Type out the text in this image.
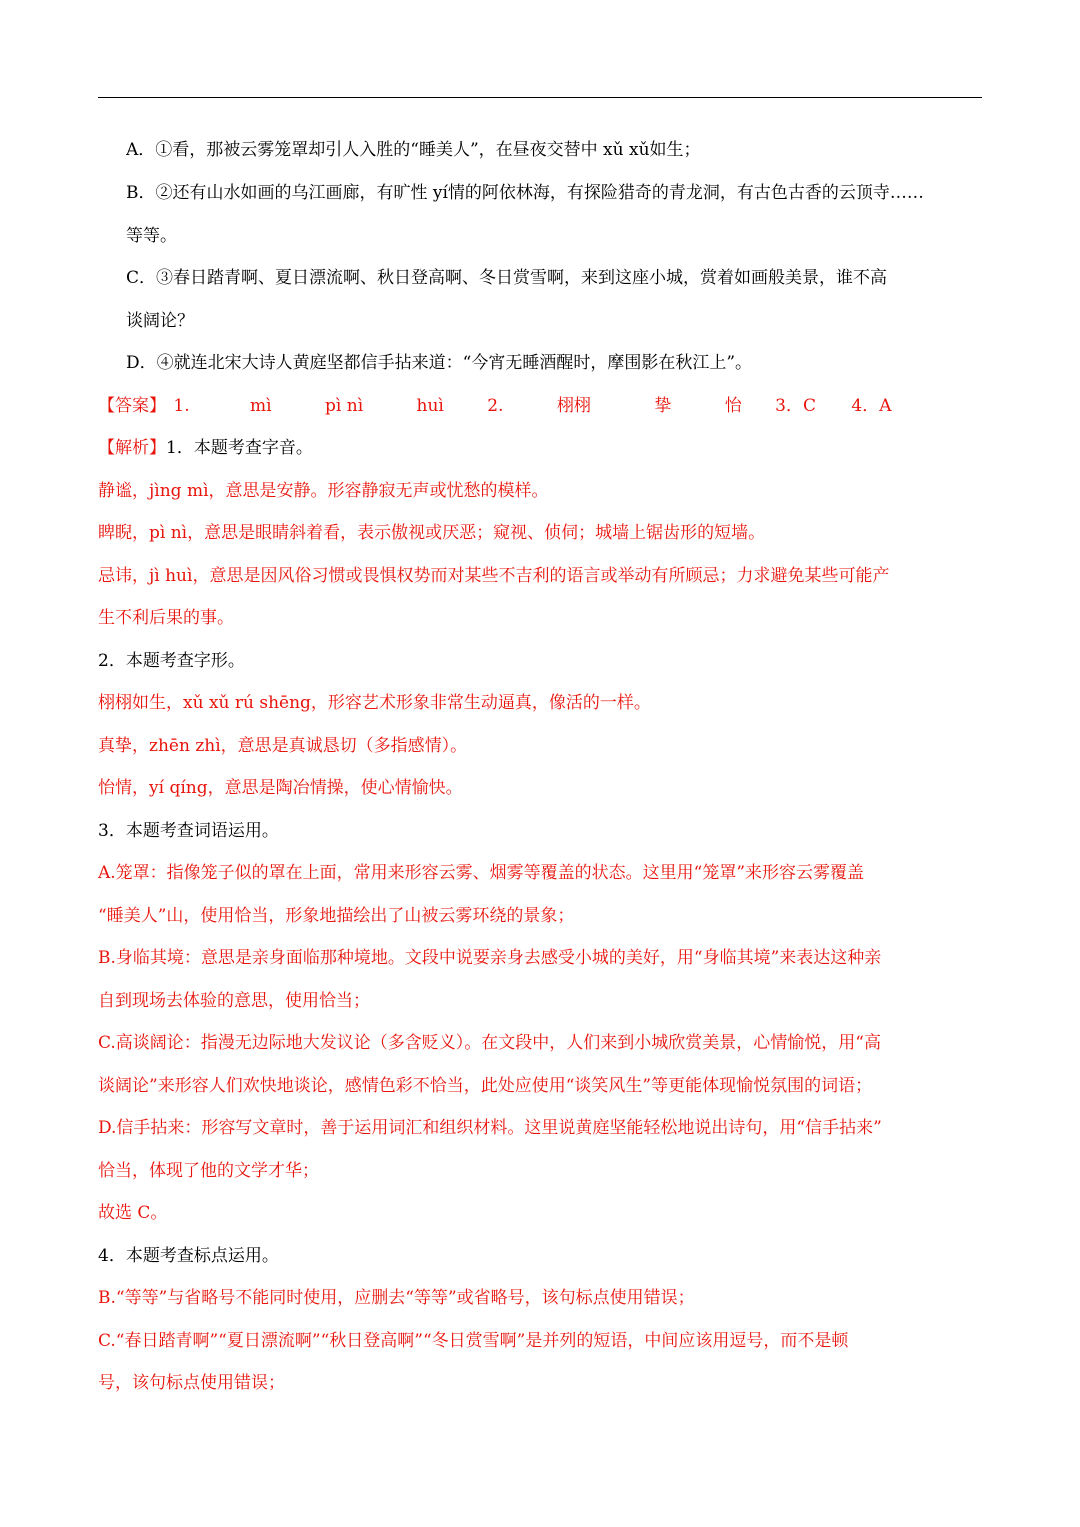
A．①看，那被云雾笼罩却引人入胜的“睡美人”，在昼夜交替中 xǔ xǔ如生；
B．②还有山水如画的乌江画廊，有旷性 yí情的阿依林海，有探险猎奇的青龙洞，有古色古香的云顶寺……
等等。
C．③春日踏青啊、夏日漂流啊、秋日登高啊、冬日赏雪啊，来到这座小城，赏着如画般美景，谁不高
谈阔论？
D．④就连北宋大诗人黄庭坚都信手拈来道：“今宵无睡酒醒时，摩围影在秋江上”。
【答案】 1.	mì	pì nì	huì	2.	栩栩	挚	怡 3．C 4．A
【解析】1．本题考查字音。
静谧，jìng mì，意思是安静。形容静寂无声或忧愁的模样。
睥睨，pì nì，意思是眼睛斜着看，表示傲视或厌恶；窥视、侦伺；城墙上锯齿形的短墙。
忌讳，jì huì，意思是因风俗习惯或畏惧权势而对某些不吉利的语言或举动有所顾忌；力求避免某些可能产
生不利后果的事。
2．本题考查字形。
栩栩如生，xǔ xǔ rú shēng，形容艺术形象非常生动逼真，像活的一样。
真挚，zhēn zhì，意思是真诚恳切（多指感情）。
怡情，yí qíng，意思是陶冶情操，使心情愉快。
3．本题考查词语运用。
A.笼罩：指像笼子似的罩在上面，常用来形容云雾、烟雾等覆盖的状态。这里用“笼罩”来形容云雾覆盖
“睡美人”山，使用恰当，形象地描绘出了山被云雾环绕的景象；
B.身临其境：意思是亲身面临那种境地。文段中说要亲身去感受小城的美好，用“身临其境”来表达这种亲
自到现场去体验的意思，使用恰当；
C.高谈阔论：指漫无边际地大发议论（多含贬义）。在文段中，人们来到小城欣赏美景，心情愉悦，用“高
谈阔论”来形容人们欢快地谈论，感情色彩不恰当，此处应使用“谈笑风生”等更能体现愉悦氛围的词语；
D.信手拈来：形容写文章时，善于运用词汇和组织材料。这里说黄庭坚能轻松地说出诗句，用“信手拈来”
恰当，体现了他的文学才华；
故选 C。
4．本题考查标点运用。
B.“等等”与省略号不能同时使用，应删去“等等”或省略号，该句标点使用错误；
C.“春日踏青啊”“夏日漂流啊”“秋日登高啊”“冬日赏雪啊”是并列的短语，中间应该用逗号，而不是顿
号，该句标点使用错误；
